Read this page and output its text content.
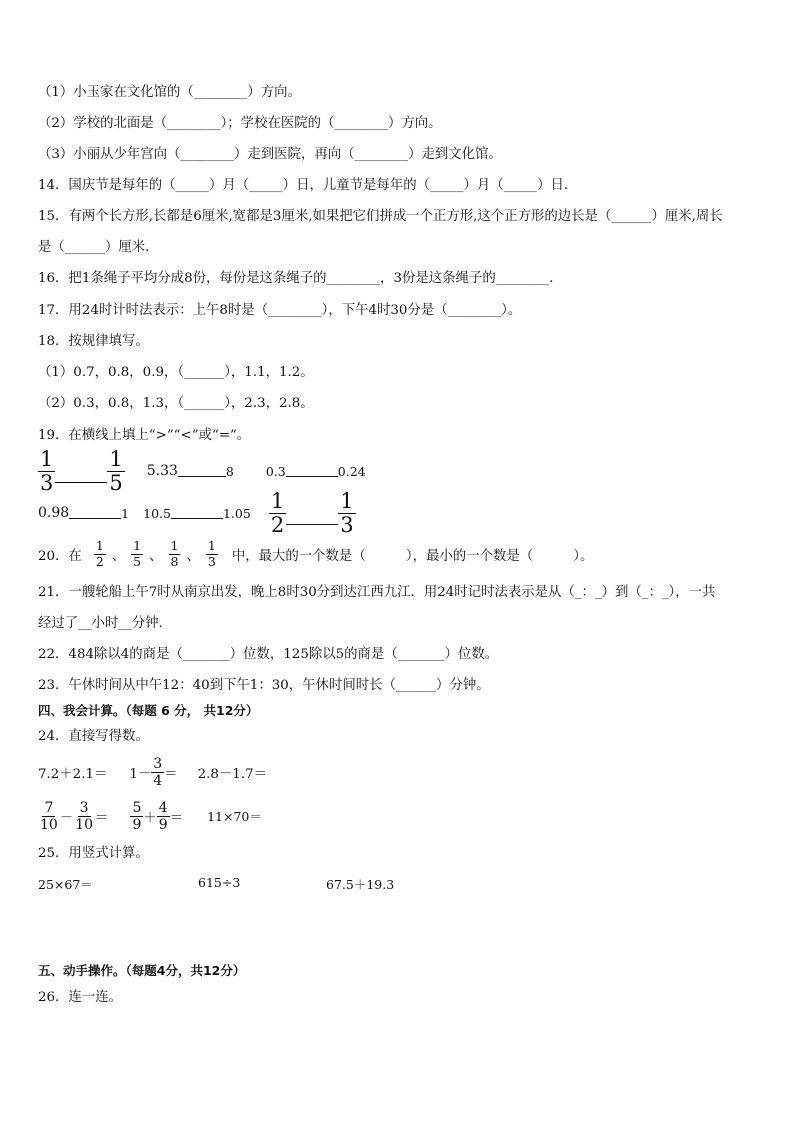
（1）小玉家在文化馆的（________）方向。
（2）学校的北面是（________）；学校在医院的（________）方向。
（3）小丽从少年宫向（________）走到医院，再向（________）走到文化馆。
14．国庆节是每年的（_____）月（_____）日，儿童节是每年的（_____）月（_____）日．
15．有两个长方形,长都是6厘米,宽都是3厘米,如果把它们拼成一个正方形,这个正方形的边长是（______）厘米,周长
是（______）厘米．
16．把1条绳子平均分成8份，每份是这条绳子的________，3份是这条绳子的________．
17．用24时计时法表示：上午8时是（________），下午4时30分是（________）。
18．按规律填写。
（1）0.7，0.8，0.9，（______），1.1，1.2。
（2）0.3，0.8，1.3，（______），2.3，2.8。
19．在横线上填上“>”“<”或“=”。
$\frac{1}{3} \frac{1}{5} 5.33$	8	0.3	0.24
0.98	1 10.5	$1.05 \frac{1}{2} \frac{1}{3}$
20．在 $\frac{1}{2}$ 、 $\frac{1}{5}$ 、 $\frac{1}{8}$ 、 $\frac{1}{3}$ 中，最大的一个数是（　　　），最小的一个数是（　　　）。
21．一艘轮船上午7时从南京出发，晚上8时30分到达江西九江．用24时记时法表示是从（_：_）到（_：_），一共
经过了__小时__分钟．
22．484除以4的商是（_______）位数，125除以5的商是（_______）位数。
23．午休时间从中午12：40到下午1：30，午休时间时长（______）分钟。
四、我会计算。（每题 6 分， 共12分）
24．直接写得数。
$7.2+2.1= 1- \frac{3}{4} = 2.8-1.7=$
$\frac{7}{10} - \frac{3}{10} = \frac{5}{9} + \frac{4}{9} = 11\times 70=$
25．用竖式计算。
25×67＝	615÷3	67.5＋19.3
五、动手操作。（每题4分，共12分）
26．连一连。
